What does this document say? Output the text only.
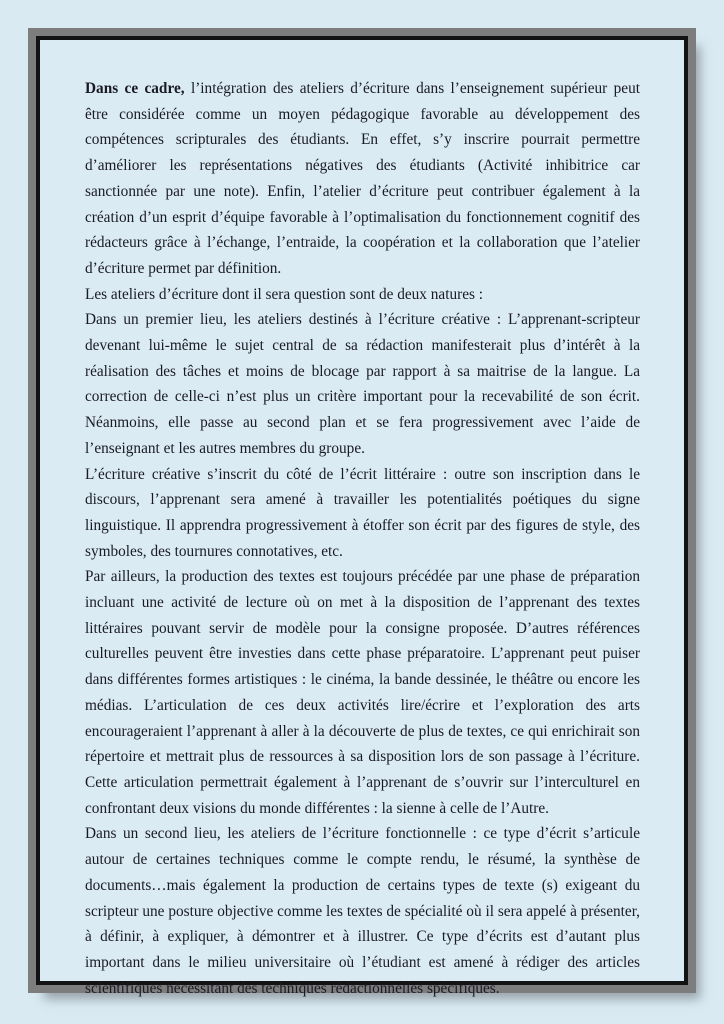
Dans ce cadre, l’intégration des ateliers d’écriture dans l’enseignement supérieur peut être considérée comme un moyen pédagogique favorable au développement des compétences scripturales des étudiants. En effet, s’y inscrire pourrait permettre d’améliorer les représentations négatives des étudiants (Activité inhibitrice car sanctionnée par une note). Enfin, l’atelier d’écriture peut contribuer également à la création d’un esprit d’équipe favorable à l’optimalisation du fonctionnement cognitif des rédacteurs grâce à l’échange, l’entraide, la coopération et la collaboration que l’atelier d’écriture permet par définition.

Les ateliers d’écriture dont il sera question sont de deux natures :

Dans un premier lieu, les ateliers destinés à l’écriture créative : L’apprenant-scripteur devenant lui-même le sujet central de sa rédaction manifesterait plus d’intérêt à la réalisation des tâches et moins de blocage par rapport à sa maitrise de la langue. La correction de celle-ci n’est plus un critère important pour la recevabilité de son écrit. Néanmoins, elle passe au second plan et se fera progressivement avec l’aide de l’enseignant et les autres membres du groupe.

L’écriture créative s’inscrit du côté de l’écrit littéraire : outre son inscription dans le discours, l’apprenant sera amené à travailler les potentialités poétiques du signe linguistique. Il apprendra progressivement à étoffer son écrit par des figures de style, des symboles, des tournures connotatives, etc.

Par ailleurs, la production des textes est toujours précédée par une phase de préparation incluant une activité de lecture où on met à la disposition de l’apprenant des textes littéraires pouvant servir de modèle pour la consigne proposée. D’autres références culturelles peuvent être investies dans cette phase préparatoire. L’apprenant peut puiser dans différentes formes artistiques : le cinéma, la bande dessinée, le théâtre ou encore les médias. L’articulation de ces deux activités lire/écrire et l’exploration des arts encourageraient l’apprenant à aller à la découverte de plus de textes, ce qui enrichirait son répertoire et mettrait plus de ressources à sa disposition lors de son passage à l’écriture. Cette articulation permettrait également à l’apprenant de s’ouvrir sur l’interculturel en confrontant deux visions du monde différentes : la sienne à celle de l’Autre.

Dans un second lieu, les ateliers de l’écriture fonctionnelle : ce type d’écrit s’articule autour de certaines techniques comme le compte rendu, le résumé, la synthèse de documents…mais également la production de certains types de texte (s) exigeant du scripteur une posture objective comme les textes de spécialité où il sera appelé à présenter, à définir, à expliquer, à démontrer et à illustrer. Ce type d’écrits est d’autant plus important dans le milieu universitaire où l’étudiant est amené à rédiger des articles scientifiques nécessitant des techniques rédactionnelles spécifiques.
